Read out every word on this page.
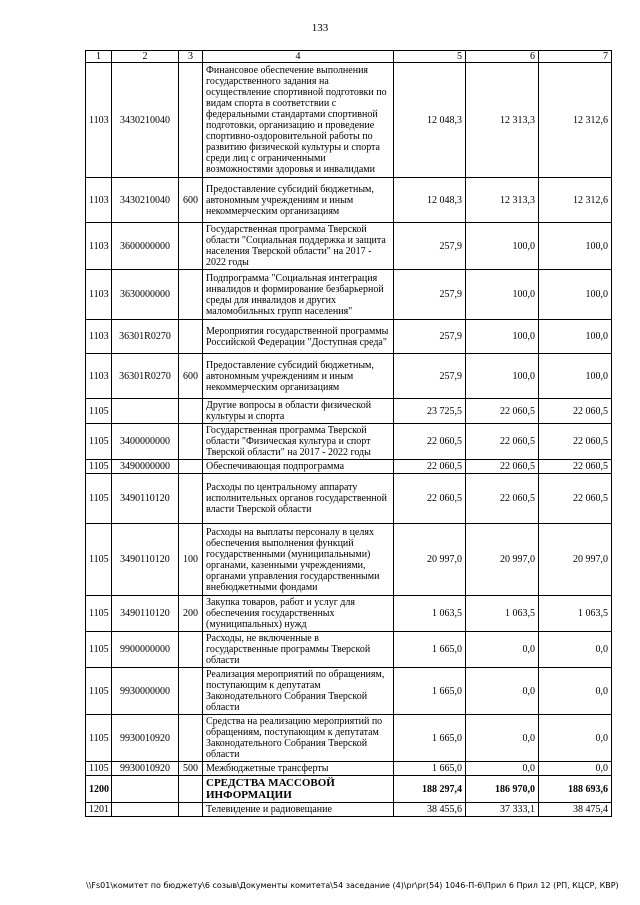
133
1	2	3	4	5	6	7
1103	3430210040		Финансовое обеспечение выполнения государственного задания на осуществление спортивной подготовки по видам спорта в соответствии с федеральными стандартами спортивной подготовки, организацию и проведение спортивно-оздоровительной работы по развитию физической культуры и спорта среди лиц с ограниченными возможностями здоровья и инвалидами	12 048,3	12 313,3	12 312,6
1103	3430210040	600	Предоставление субсидий бюджетным, автономным учреждениям и иным некоммерческим организациям	12 048,3	12 313,3	12 312,6
1103	3600000000		Государственная программа Тверской области "Социальная поддержка и защита населения Тверской области" на 2017 - 2022 годы	257,9	100,0	100,0
1103	3630000000		Подпрограмма "Социальная интеграция инвалидов и формирование безбарьерной среды для инвалидов и других маломобильных групп населения"	257,9	100,0	100,0
1103	36301R0270		Мероприятия государственной программы Российской Федерации "Доступная среда"	257,9	100,0	100,0
1103	36301R0270	600	Предоставление субсидий бюджетным, автономным учреждениям и иным некоммерческим организациям	257,9	100,0	100,0
1105			Другие вопросы в области физической культуры и спорта	23 725,5	22 060,5	22 060,5
1105	3400000000		Государственная программа Тверской области "Физическая культура и спорт Тверской области" на 2017 - 2022 годы	22 060,5	22 060,5	22 060,5
1105	3490000000		Обеспечивающая подпрограмма	22 060,5	22 060,5	22 060,5
1105	3490110120		Расходы по центральному аппарату исполнительных органов государственной власти Тверской области	22 060,5	22 060,5	22 060,5
1105	3490110120	100	Расходы на выплаты персоналу в целях обеспечения выполнения функций государственными (муниципальными) органами, казенными учреждениями, органами управления государственными внебюджетными фондами	20 997,0	20 997,0	20 997,0
1105	3490110120	200	Закупка товаров, работ и услуг для обеспечения государственных (муниципальных) нужд	1 063,5	1 063,5	1 063,5
1105	9900000000		Расходы, не включенные в государственные программы Тверской области	1 665,0	0,0	0,0
1105	9930000000		Реализация мероприятий по обращениям, поступающим к депутатам Законодательного Собрания Тверской области	1 665,0	0,0	0,0
1105	9930010920		Средства на реализацию мероприятий по обращениям, поступающим к депутатам Законодательного Собрания Тверской области	1 665,0	0,0	0,0
1105	9930010920	500	Межбюджетные трансферты	1 665,0	0,0	0,0
1200			СРЕДСТВА МАССОВОЙ ИНФОРМАЦИИ	188 297,4	186 970,0	188 693,6
1201			Телевидение и радиовещание	38 455,6	37 333,1	38 475,4
\\Fs01\комитет по бюджету\6 созыв\Документы комитета\54 заседание (4)\pr\pr(54) 1046-П-6\Прил 6 Прил 12 (РП, КЦСР, КВР)
